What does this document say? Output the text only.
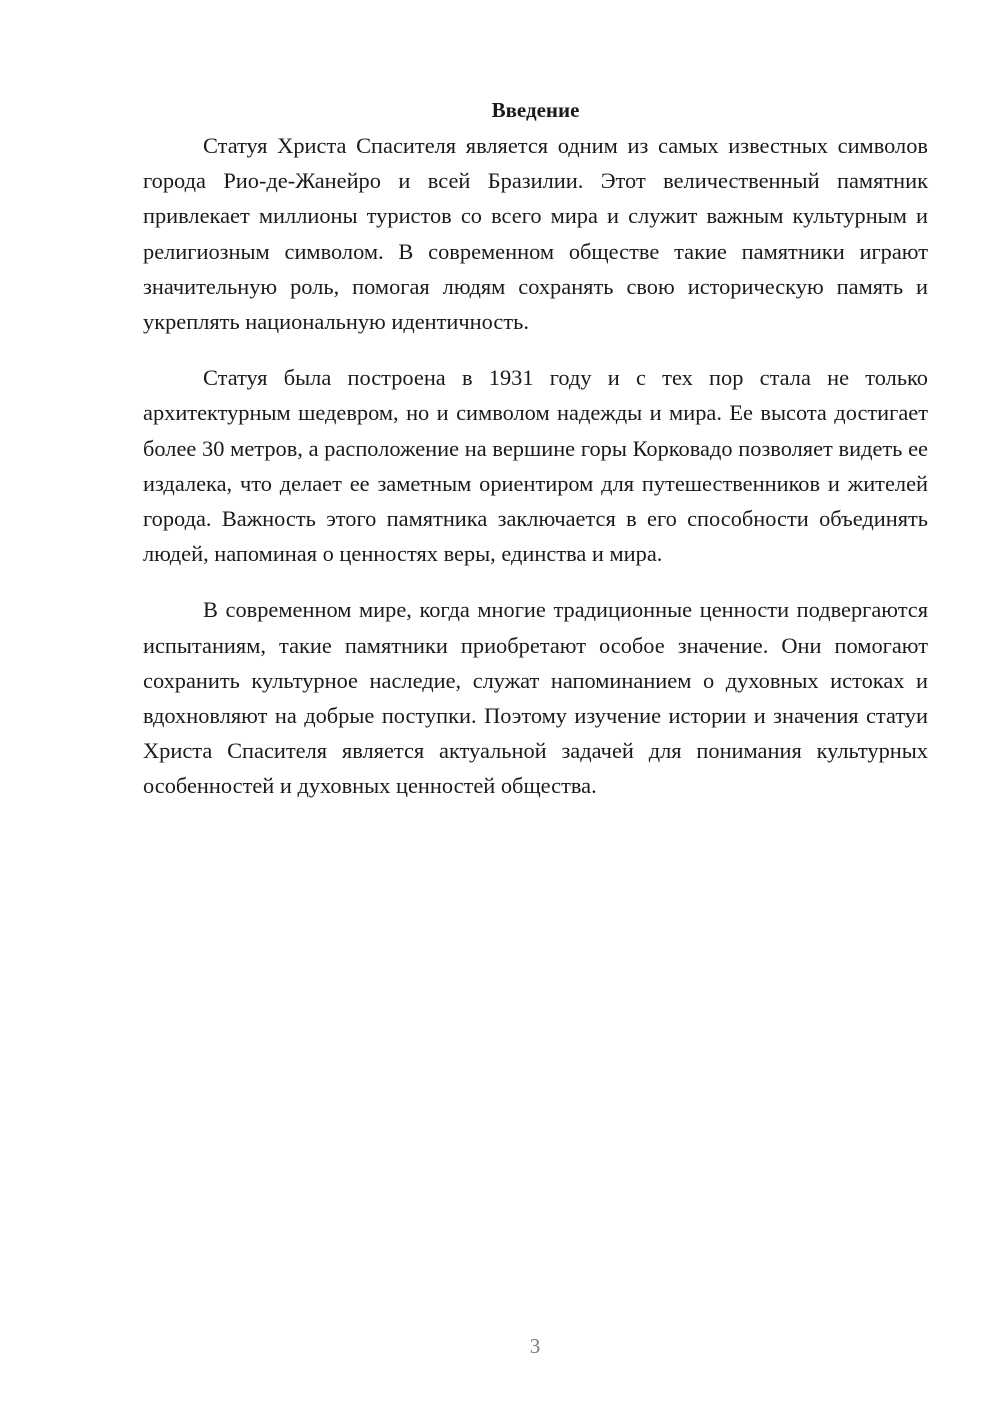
Введение

Статуя Христа Спасителя является одним из самых известных символов города Рио-де-Жанейро и всей Бразилии. Этот величественный памятник привлекает миллионы туристов со всего мира и служит важным культурным и религиозным символом. В современном обществе такие памятники играют значительную роль, помогая людям сохранять свою историческую память и укреплять национальную идентичность.

Статуя была построена в 1931 году и с тех пор стала не только архитектурным шедевром, но и символом надежды и мира. Ее высота достигает более 30 метров, а расположение на вершине горы Корковадо позволяет видеть ее издалека, что делает ее заметным ориентиром для путешественников и жителей города. Важность этого памятника заключается в его способности объединять людей, напоминая о ценностях веры, единства и мира.

В современном мире, когда многие традиционные ценности подвергаются испытаниям, такие памятники приобретают особое значение. Они помогают сохранить культурное наследие, служат напоминанием о духовных истоках и вдохновляют на добрые поступки. Поэтому изучение истории и значения статуи Христа Спасителя является актуальной задачей для понимания культурных особенностей и духовных ценностей общества.

3
